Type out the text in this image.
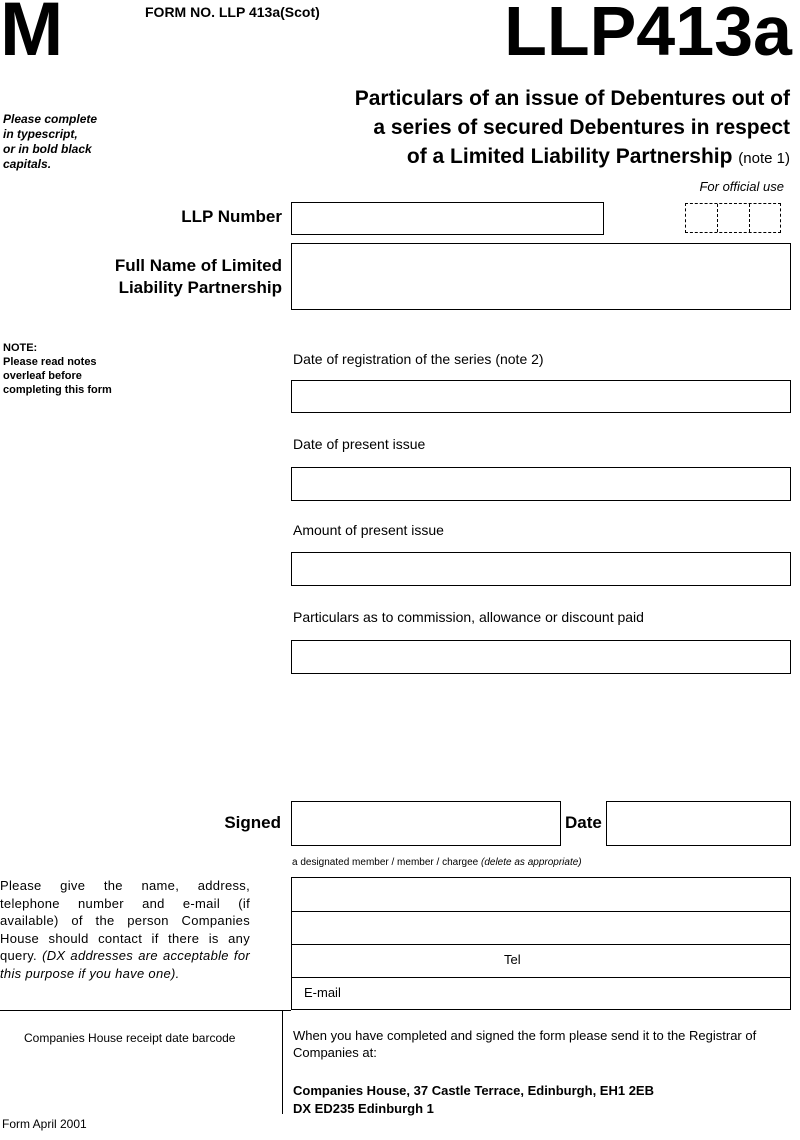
M	FORM NO. LLP 413a(Scot)	LLP413a
Particulars of an issue of Debentures out of
a series of secured Debentures in respect
of a Limited Liability Partnership (note 1)
For official use
Please complete
in typescript,
or in bold black
capitals.
NOTE:
Please read notes
overleaf before
completing this form
LLP Number
Full Name of Limited
Liability Partnership
Date of registration of the series (note 2)
Date of present issue
Amount of present issue
Particulars as to commission, allowance or discount paid
Signed	Date
a designated member / member / chargee (delete as appropriate)
Please give the name, address, telephone number and e-mail (if available) of the person Companies House should contact if there is any query. (DX addresses are acceptable for this purpose if you have one).
Tel
E-mail
Companies House receipt date barcode	When you have completed and signed the form please send it to the Registrar of Companies at:
Companies House, 37 Castle Terrace, Edinburgh, EH1 2EB
DX ED235 Edinburgh 1
Form April 2001
